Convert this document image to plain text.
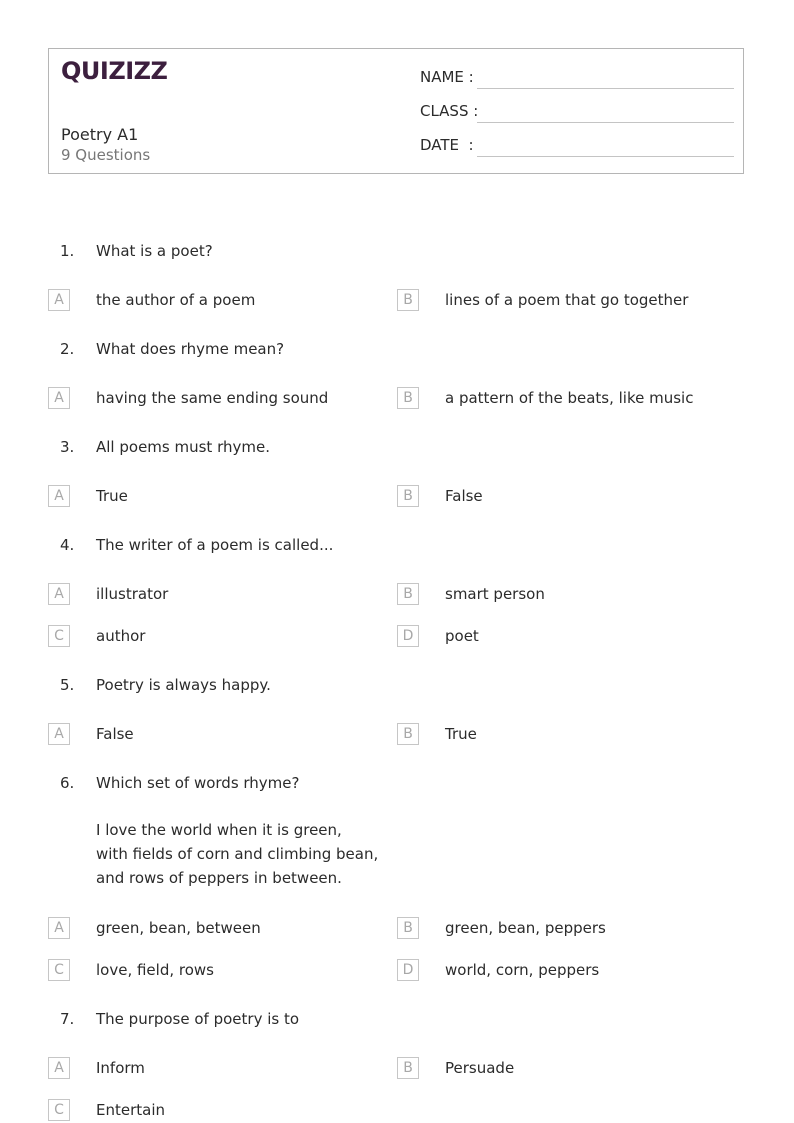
QUIZIZZ
Poetry A1
9 Questions
NAME :
CLASS :
DATE  :
1. What is a poet?
A	the author of a poem	B	lines of a poem that go together
2. What does rhyme mean?
A	having the same ending sound	B	a pattern of the beats, like music
3. All poems must rhyme.
A	True	B	False
4. The writer of a poem is called...
A	illustrator	B	smart person
C	author	D	poet
5. Poetry is always happy.
A	False	B	True
6. Which set of words rhyme?
I love the world when it is green,
with fields of corn and climbing bean,
and rows of peppers in between.
A	green, bean, between	B	green, bean, peppers
C	love, field, rows	D	world, corn, peppers
7. The purpose of poetry is to
A	Inform	B	Persuade
C	Entertain
